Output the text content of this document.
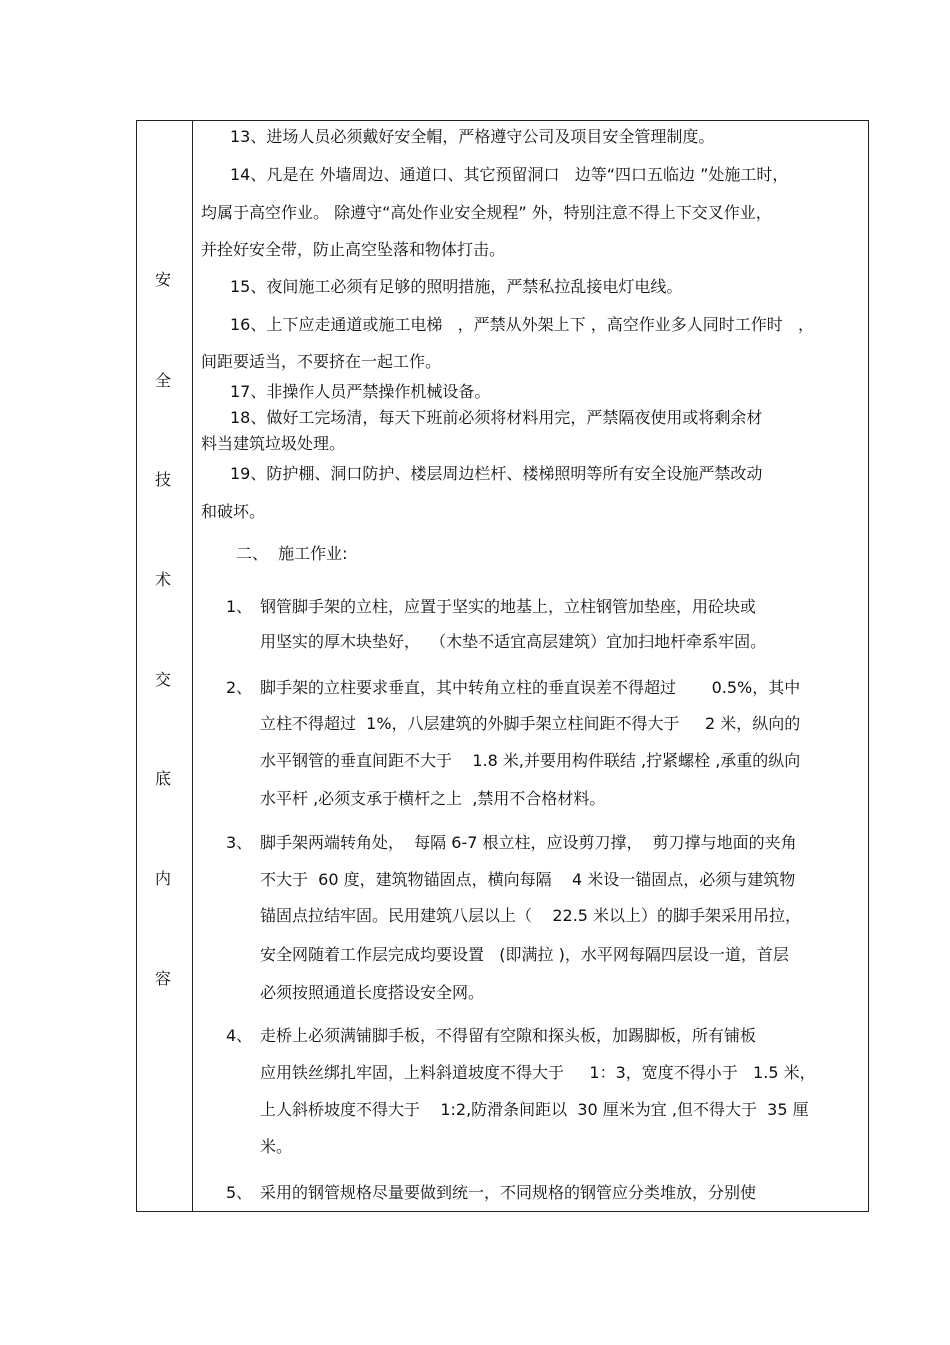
安
全
技
术
交
底
内
容
13、进场人员必须戴好安全帽，严格遵守公司及项目安全管理制度。
14、凡是在 外墙周边、通道口、其它预留洞口   边等“四口五临边 ”处施工时，
均属于高空作业。 除遵守“高处作业安全规程” 外，特别注意不得上下交叉作业，
并拴好安全带，防止高空坠落和物体打击。
15、夜间施工必须有足够的照明措施，严禁私拉乱接电灯电线。
16、上下应走通道或施工电梯   ，严禁从外架上下 ，高空作业多人同时工作时   ，
间距要适当，不要挤在一起工作。
17、非操作人员严禁操作机械设备。
18、做好工完场清，每天下班前必须将材料用完，严禁隔夜使用或将剩余材
料当建筑垃圾处理。
19、防护棚、洞口防护、楼层周边栏杆、楼梯照明等所有安全设施严禁改动
和破坏。
二、  施工作业:
1、 钢管脚手架的立柱，应置于坚实的地基上，立柱钢管加垫座，用砼块或
用坚实的厚木块垫好，  （木垫不适宜高层建筑）宜加扫地杆牵系牢固。
2、 脚手架的立柱要求垂直，其中转角立柱的垂直误差不得超过       0.5%，其中
立柱不得超过  1%，八层建筑的外脚手架立柱间距不得大于     2 米，纵向的
水平钢管的垂直间距不大于    1.8 米,并要用构件联结 ,拧紧螺栓 ,承重的纵向
水平杆 ,必须支承于横杆之上  ,禁用不合格材料。
3、 脚手架两端转角处，  每隔 6-7 根立柱，应设剪刀撑，  剪刀撑与地面的夹角
不大于  60 度，建筑物锚固点，横向每隔    4 米设一锚固点，必须与建筑物
锚固点拉结牢固。民用建筑八层以上（    22.5 米以上）的脚手架采用吊拉，
安全网随着工作层完成均要设置   (即满拉 )，水平网每隔四层设一道，首层
必须按照通道长度搭设安全网。
4、 走桥上必须满铺脚手板，不得留有空隙和探头板，加踢脚板，所有铺板
应用铁丝绑扎牢固，上料斜道坡度不得大于     1：3，宽度不得小于   1.5 米，
上人斜桥坡度不得大于    1:2,防滑条间距以  30 厘米为宜 ,但不得大于  35 厘
米。
5、 采用的钢管规格尽量要做到统一，不同规格的钢管应分类堆放，分别使
